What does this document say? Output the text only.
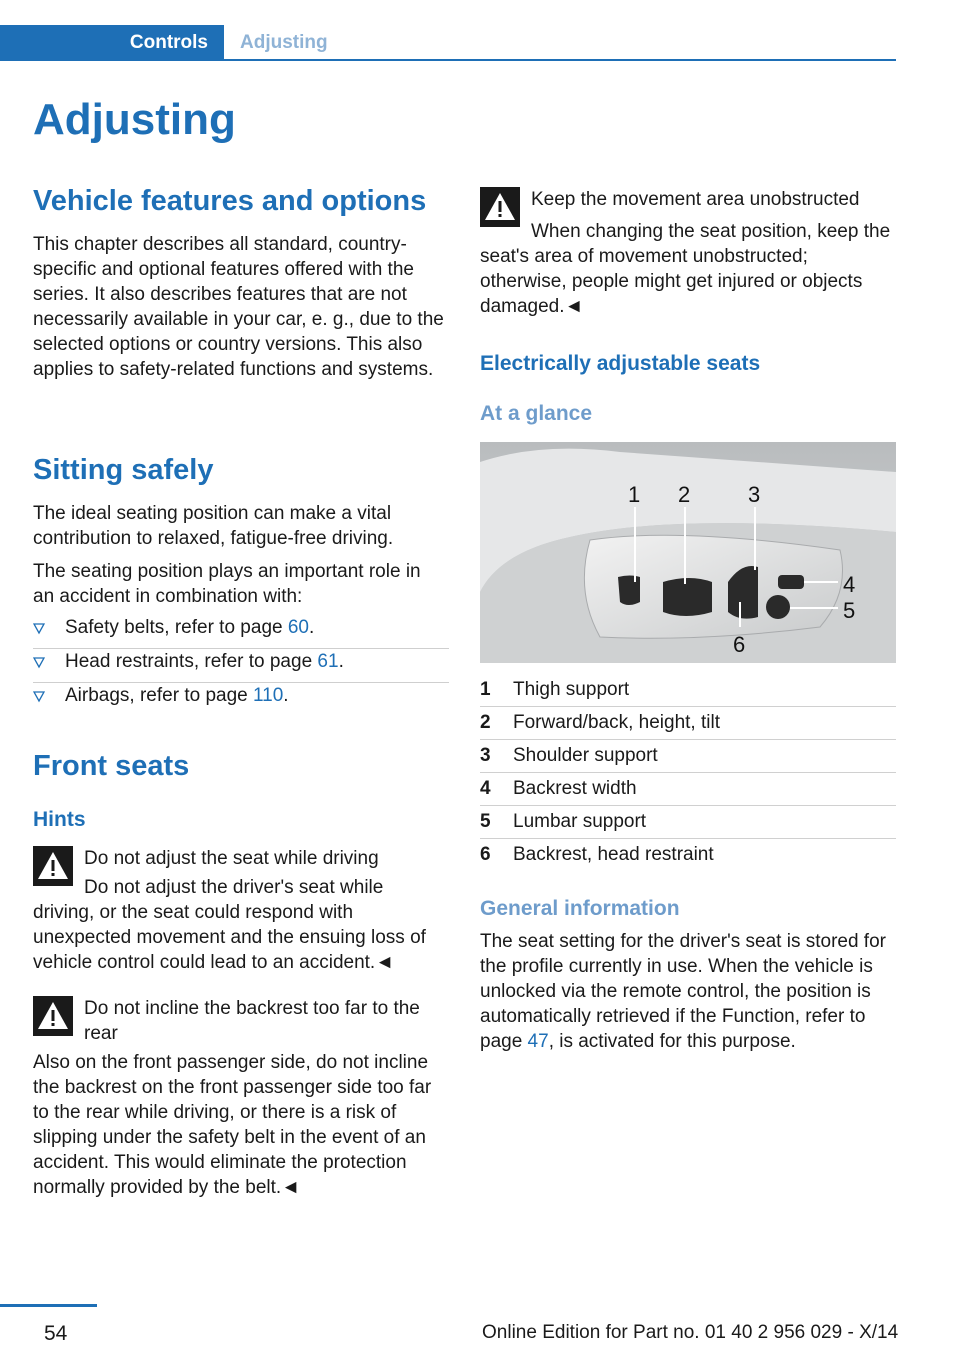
Controls Adjusting
Adjusting
Vehicle features and options

This chapter describes all standard, country-specific and optional features offered with the series. It also describes features that are not necessarily available in your car, e. g., due to the selected options or country versions. This also applies to safety-related functions and systems.

Sitting safely

The ideal seating position can make a vital contribution to relaxed, fatigue-free driving.

The seating position plays an important role in an accident in combination with:

Safety belts, refer to page 60.
Head restraints, refer to page 61.
Airbags, refer to page 110.
Front seats
Hints
Do not adjust the seat while driving
Do not adjust the driver's seat while driving, or the seat could respond with unexpected movement and the ensuing loss of vehicle control could lead to an accident.◄
Do not incline the backrest too far to the rear
Also on the front passenger side, do not incline the backrest on the front passenger side too far to the rear while driving, or there is a risk of slipping under the safety belt in the event of an accident. This would eliminate the protection normally provided by the belt.◄
Keep the movement area unobstructed
When changing the seat position, keep the seat's area of movement unobstructed; otherwise, people might get injured or objects damaged.◄
Electrically adjustable seats
At a glance
1 2	3
4
5
6
1	Thigh support
2	Forward/back, height, tilt
3	Shoulder support
4	Backrest width
5	Lumbar support
6	Backrest, head restraint
General information

The seat setting for the driver's seat is stored for the profile currently in use. When the vehicle is unlocked via the remote control, the position is automatically retrieved if the Function, refer to page 47, is activated for this purpose.

54	Online Edition for Part no. 01 40 2 956 029 - X/14
